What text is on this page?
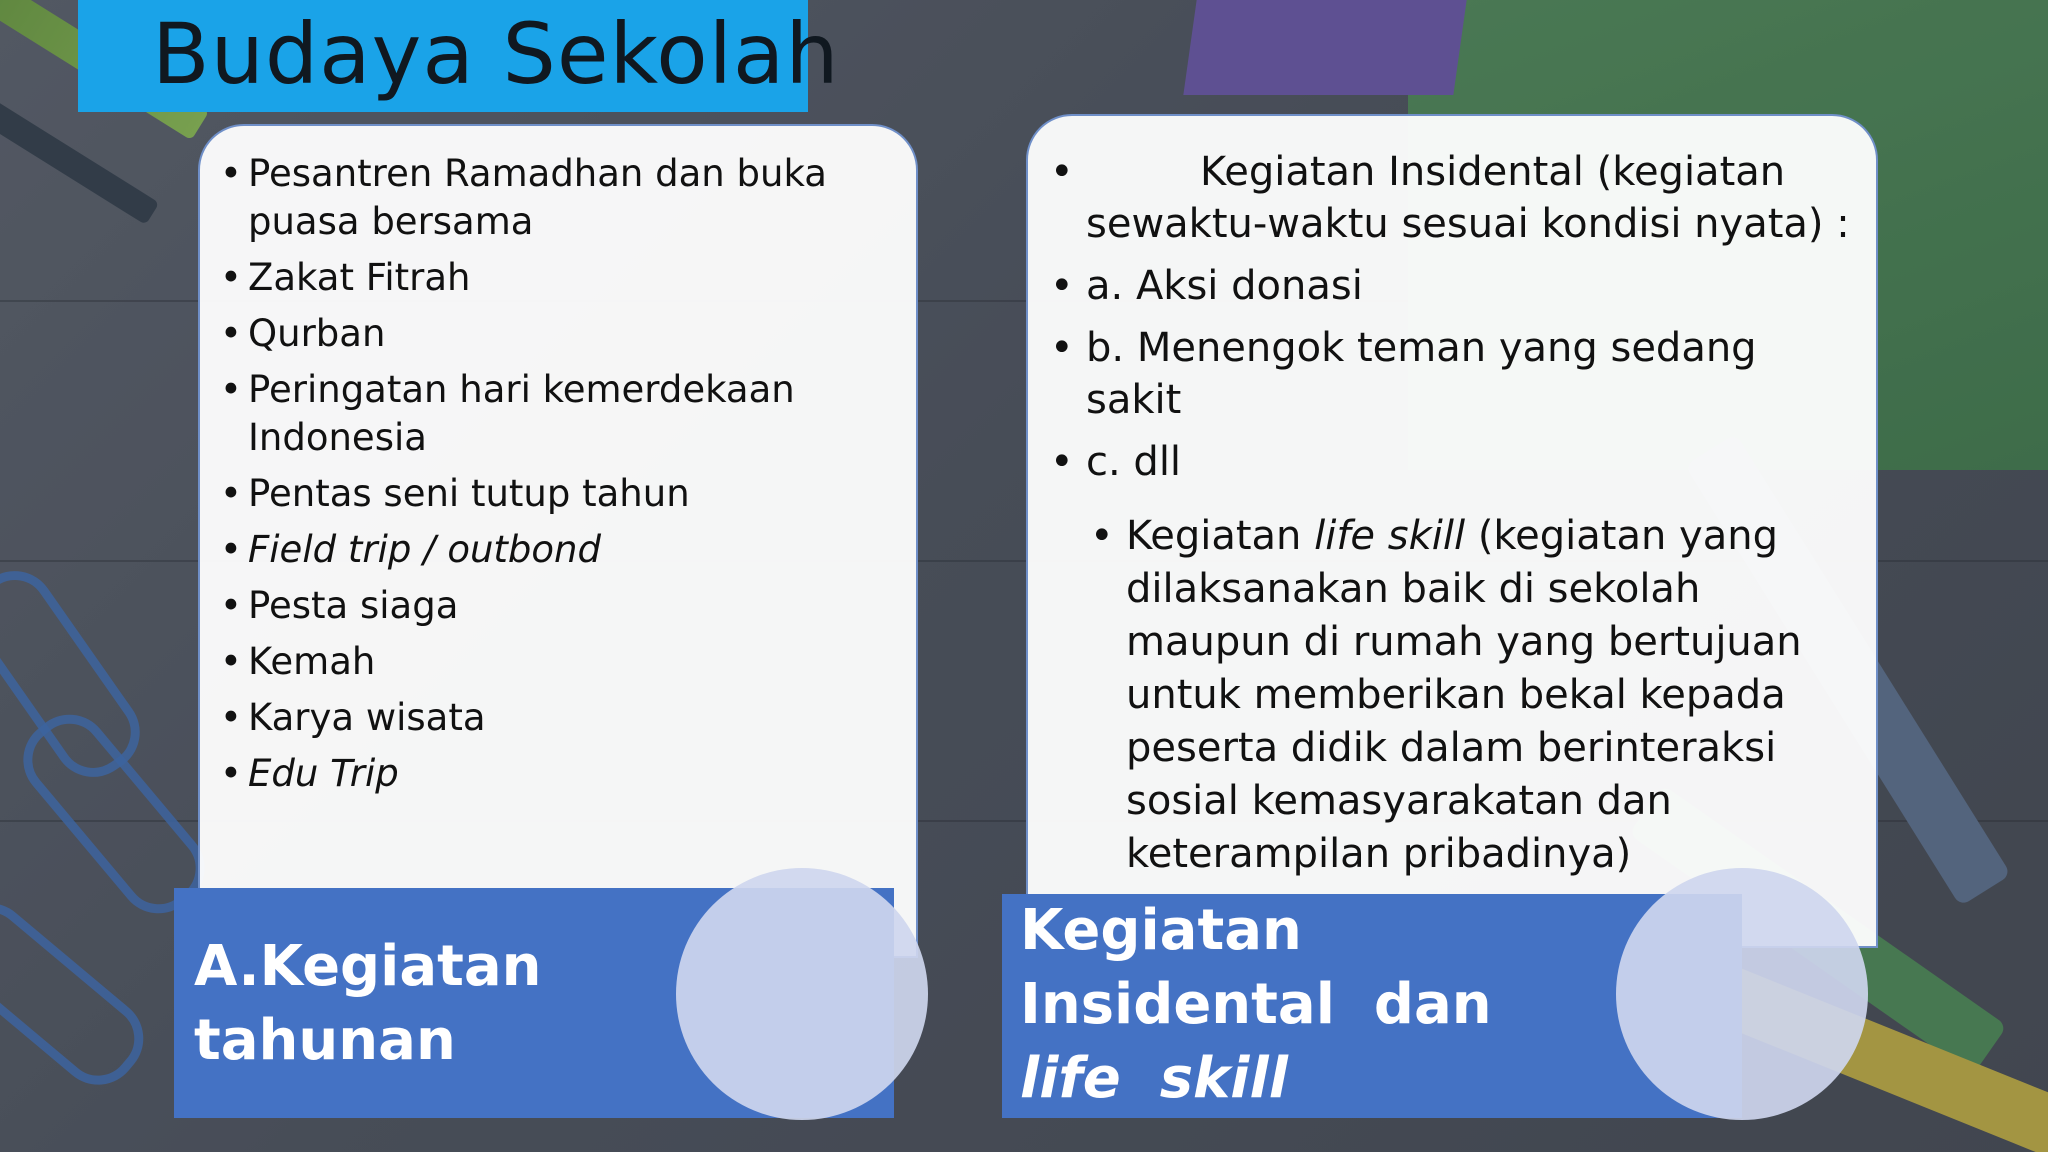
Budaya Sekolah
• Pesantren Ramadhan dan buka puasa bersama
• Zakat Fitrah
• Qurban
• Peringatan hari kemerdekaan Indonesia
• Pentas seni tutup tahun
• Field trip / outbond
• Pesta siaga
• Kemah
• Karya wisata
• Edu Trip
A.Kegiatan
tahunan
•	Kegiatan Insidental (kegiatan sewaktu-waktu sesuai kondisi nyata) :
• a. Aksi donasi
• b. Menengok teman yang sedang sakit
• c. dll
• Kegiatan life skill (kegiatan yang dilaksanakan baik di sekolah maupun di rumah yang bertujuan untuk memberikan bekal kepada peserta didik dalam berinteraksi sosial kemasyarakatan dan keterampilan pribadinya)
Kegiatan
Insidental  dan
life  skill
